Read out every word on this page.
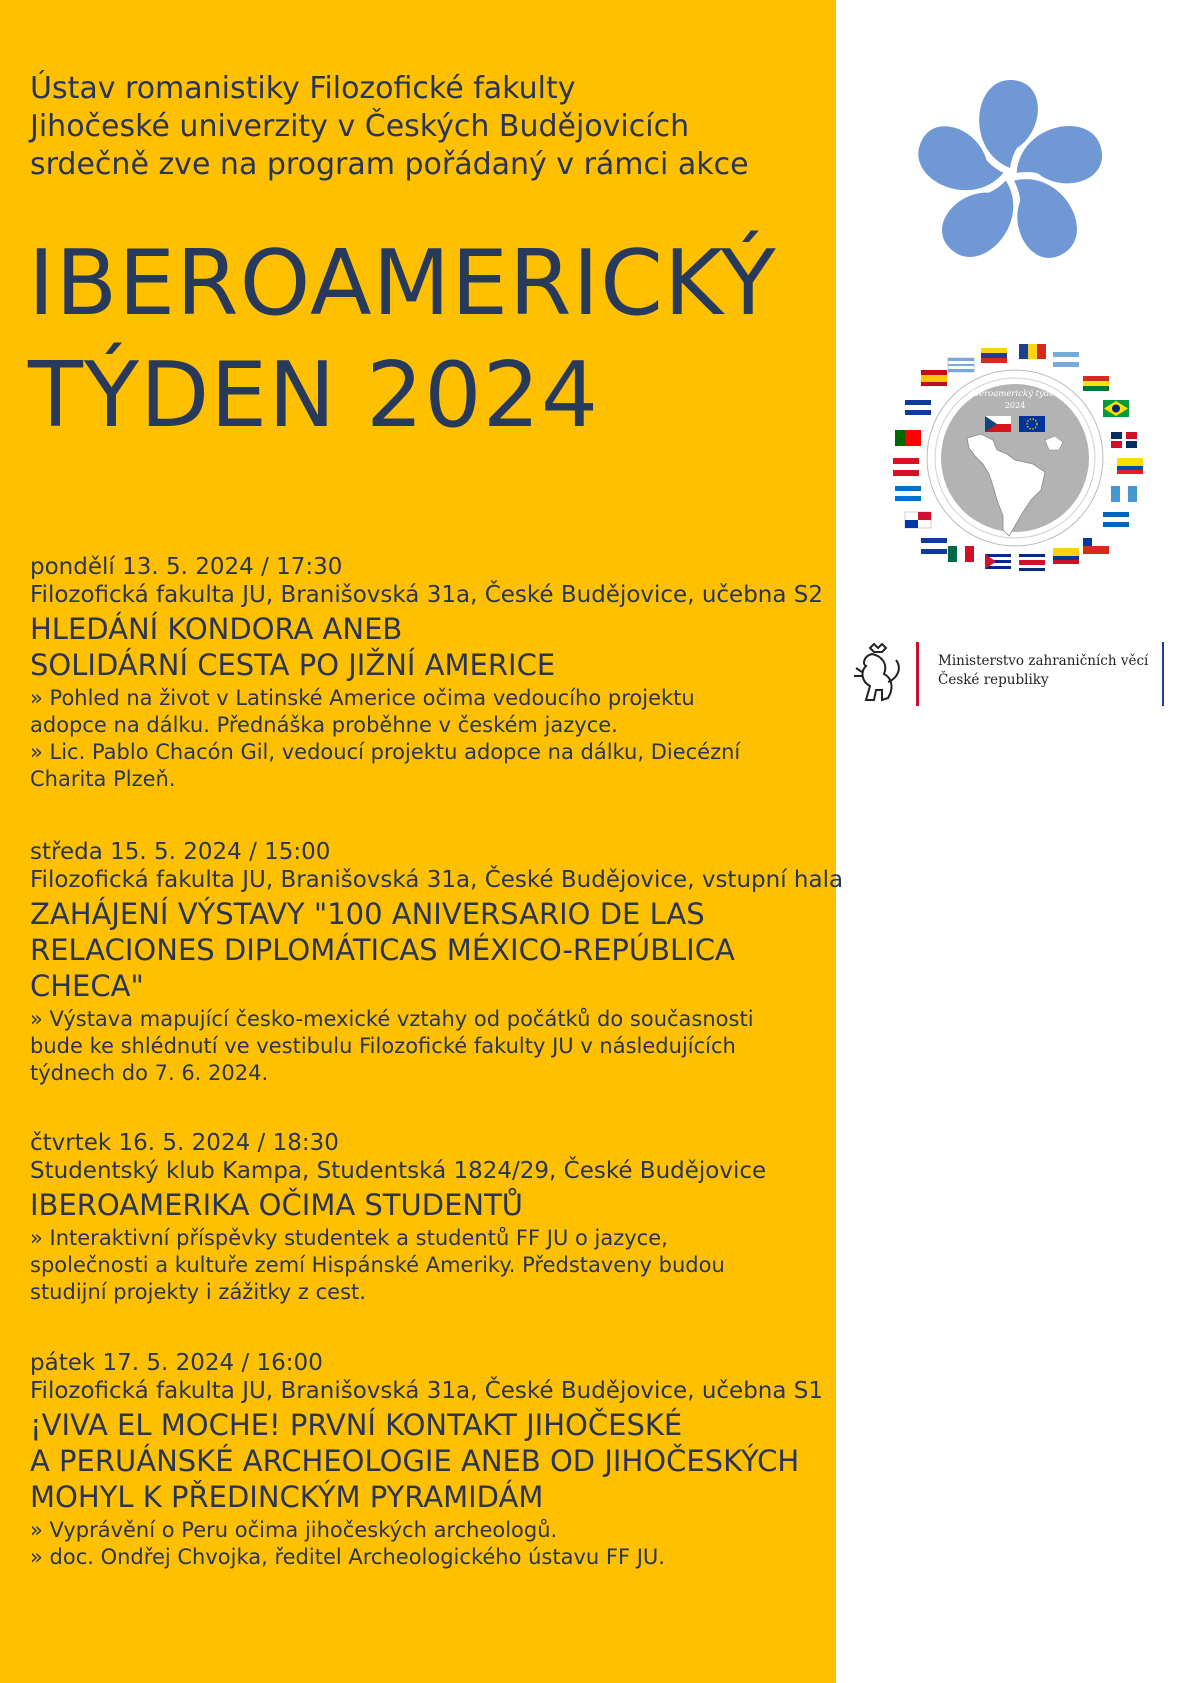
Ústav romanistiky Filozofické fakulty
Jihočeské univerzity v Českých Budějovicích
srdečně zve na program pořádaný v rámci akce
IBEROAMERICKÝ
TÝDEN 2024
pondělí 13. 5. 2024 / 17:30
Filozofická fakulta JU, Branišovská 31a, České Budějovice, učebna S2
HLEDÁNÍ KONDORA ANEB
SOLIDÁRNÍ CESTA PO JIŽNÍ AMERICE
» Pohled na život v Latinské Americe očima vedoucího projektu
adopce na dálku. Přednáška proběhne v českém jazyce.
» Lic. Pablo Chacón Gil, vedoucí projektu adopce na dálku, Diecézní
Charita Plzeň.
středa 15. 5. 2024 / 15:00
Filozofická fakulta JU, Branišovská 31a, České Budějovice, vstupní hala
ZAHÁJENÍ VÝSTAVY "100 ANIVERSARIO DE LAS
RELACIONES DIPLOMÁTICAS MÉXICO-REPÚBLICA
CHECA"
» Výstava mapující česko-mexické vztahy od počátků do současnosti
bude ke shlédnutí ve vestibulu Filozofické fakulty JU v následujících
týdnech do 7. 6. 2024.
čtvrtek 16. 5. 2024 / 18:30
Studentský klub Kampa, Studentská 1824/29, České Budějovice
IBEROAMERIKA OČIMA STUDENTŮ
» Interaktivní příspěvky studentek a studentů FF JU o jazyce,
společnosti a kultuře zemí Hispánské Ameriky. Představeny budou
studijní projekty i zážitky z cest.
pátek 17. 5. 2024 / 16:00
Filozofická fakulta JU, Branišovská 31a, České Budějovice, učebna S1
¡VIVA EL MOCHE! PRVNÍ KONTAKT JIHOČESKÉ
A PERUÁNSKÉ ARCHEOLOGIE ANEB OD JIHOČESKÝCH
MOHYL K PŘEDINCKÝM PYRAMIDÁM
» Vyprávění o Peru očima jihočeských archeologů.
» doc. Ondřej Chvojka, ředitel Archeologického ústavu FF JU.
Iberoamerický týden
2024
Ministerstvo zahraničních věcí
České republiky
